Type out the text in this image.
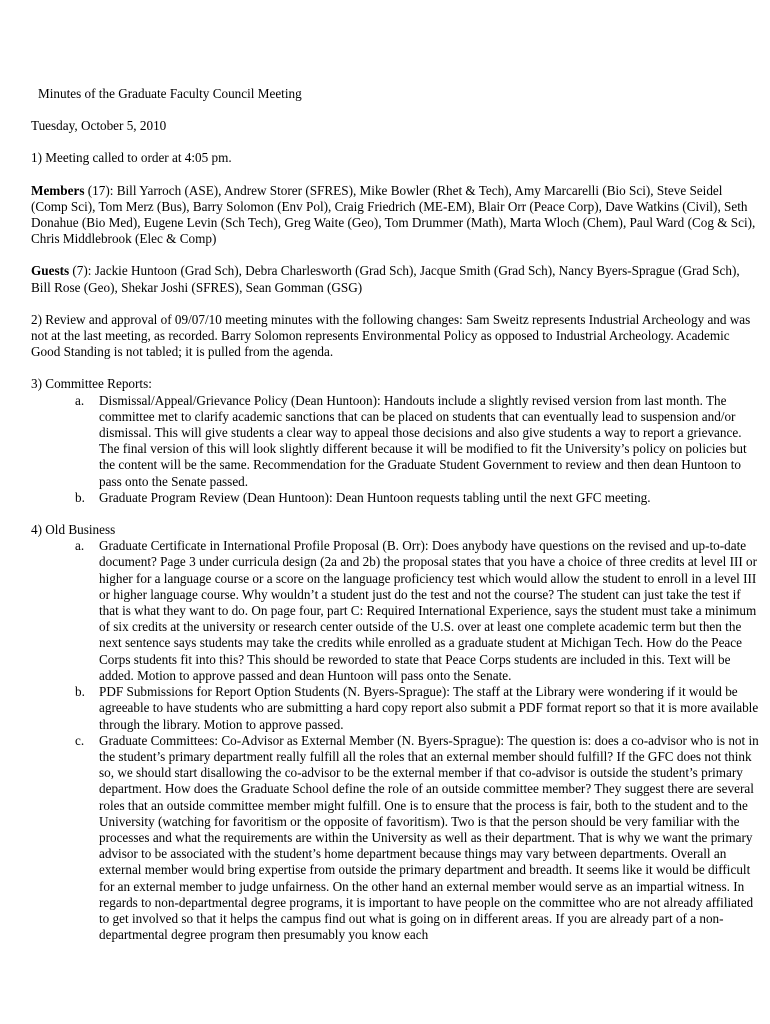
Minutes of the Graduate Faculty Council Meeting

Tuesday, October 5, 2010

1) Meeting called to order at 4:05 pm.

Members (17): Bill Yarroch (ASE), Andrew Storer (SFRES), Mike Bowler (Rhet & Tech), Amy Marcarelli (Bio Sci), Steve Seidel (Comp Sci), Tom Merz (Bus), Barry Solomon (Env Pol), Craig Friedrich (ME-EM), Blair Orr (Peace Corp), Dave Watkins (Civil), Seth Donahue (Bio Med), Eugene Levin (Sch Tech), Greg Waite (Geo), Tom Drummer (Math), Marta Wloch (Chem), Paul Ward (Cog & Sci), Chris Middlebrook (Elec & Comp)

Guests (7): Jackie Huntoon (Grad Sch), Debra Charlesworth (Grad Sch), Jacque Smith (Grad Sch), Nancy Byers-Sprague (Grad Sch), Bill Rose (Geo), Shekar Joshi (SFRES), Sean Gomman (GSG)

2) Review and approval of 09/07/10 meeting minutes with the following changes: Sam Sweitz represents Industrial Archeology and was not at the last meeting, as recorded. Barry Solomon represents Environmental Policy as opposed to Industrial Archeology. Academic Good Standing is not tabled; it is pulled from the agenda.

3) Committee Reports:

a.	Dismissal/Appeal/Grievance Policy (Dean Huntoon): Handouts include a slightly revised version from last month. The committee met to clarify academic sanctions that can be placed on students that can eventually lead to suspension and/or dismissal. This will give students a clear way to appeal those decisions and also give students a way to report a grievance. The final version of this will look slightly different because it will be modified to fit the University’s policy on policies but the content will be the same. Recommendation for the Graduate Student Government to review and then dean Huntoon to pass onto the Senate passed.
b.	Graduate Program Review (Dean Huntoon): Dean Huntoon requests tabling until the next GFC meeting.

4) Old Business

a.	Graduate Certificate in International Profile Proposal (B. Orr): Does anybody have questions on the revised and up-to-date document? Page 3 under curricula design (2a and 2b) the proposal states that you have a choice of three credits at level III or higher for a language course or a score on the language proficiency test which would allow the student to enroll in a level III or higher language course. Why wouldn’t a student just do the test and not the course? The student can just take the test if that is what they want to do. On page four, part C: Required International Experience, says the student must take a minimum of six credits at the university or research center outside of the U.S. over at least one complete academic term but then the next sentence says students may take the credits while enrolled as a graduate student at Michigan Tech. How do the Peace Corps students fit into this? This should be reworded to state that Peace Corps students are included in this. Text will be added. Motion to approve passed and dean Huntoon will pass onto the Senate.
b.	PDF Submissions for Report Option Students (N. Byers-Sprague): The staff at the Library were wondering if it would be agreeable to have students who are submitting a hard copy report also submit a PDF format report so that it is more available through the library. Motion to approve passed.
c.	Graduate Committees: Co-Advisor as External Member (N. Byers-Sprague): The question is: does a co-advisor who is not in the student’s primary department really fulfill all the roles that an external member should fulfill? If the GFC does not think so, we should start disallowing the co-advisor to be the external member if that co-advisor is outside the student’s primary department. How does the Graduate School define the role of an outside committee member? They suggest there are several roles that an outside committee member might fulfill. One is to ensure that the process is fair, both to the student and to the University (watching for favoritism or the opposite of favoritism). Two is that the person should be very familiar with the processes and what the requirements are within the University as well as their department. That is why we want the primary advisor to be associated with the student’s home department because things may vary between departments. Overall an external member would bring expertise from outside the primary department and breadth. It seems like it would be difficult for an external member to judge unfairness. On the other hand an external member would serve as an impartial witness. In regards to non-departmental degree programs, it is important to have people on the committee who are not already affiliated to get involved so that it helps the campus find out what is going on in different areas. If you are already part of a non-departmental degree program then presumably you know each
